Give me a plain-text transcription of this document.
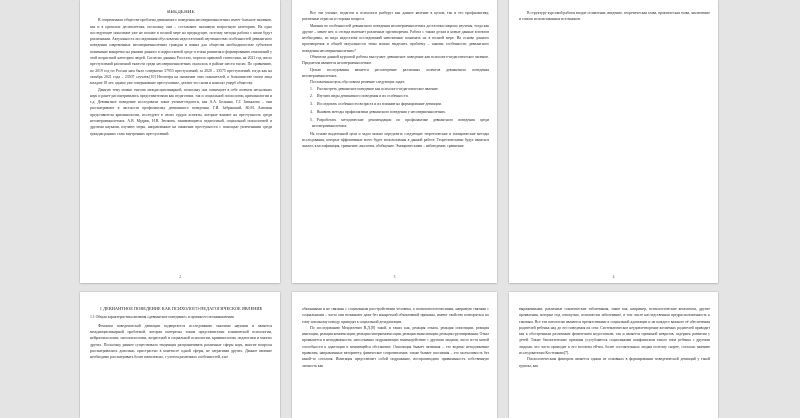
ВВЕДЕНИЕ

В современном обществе проблема девиантного поведения несовершеннолетних имеет большое значение, как и в прошлых десятилетиях, поскольку они – составляют значимую возрастную категорию. На одно последующее поколение уже не похоже в полной мере на предыдущее, поэтому методы работы с ними будут различными. Актуальность исследования обусловлена недостаточной изученностью особенностей девиантного поведения современных несовершеннолетних граждан и важна для общества необходимостью субъектов понимание конкретно на ранним данного в подростковой среде и этапы развития и формированию отношений у этой возрастной категории людей. Согласно данным Росстата, портала правовой статистики, на 2021 год число преступлений различной тяжести среди несовершеннолетних оказалось в районе шести тысяч. По сравнению, по 2019 год по России нам было совершено 37953 преступлений, за 2020 – 33575 преступлений, тогда как на октябрь 2021 года – 23507 случаев.[10] Несмотря на снижение этих показателей, к большинстве своем лица младше 18 лет, однако уже совершившие преступление, делают это снова и наносят ущерб обществу.

Данную тему можно считать междисциплинарной, поскольку она совмещает в себе аспекты нескольких наук и ранее рассматривались представителями как педагогики, так и социальной психологии, криминологии и т.д. Девиантное поведение исследовали такие ученые-педагоги, как А.А. Белкина, Г.Г. Завьялова – они рассматривают в частности профилактику девиантного поведения. Г.И. Забрянский, Ю.М. Антонян представители криминологии, исследуют в своих трудах аспекты, которые влияют на преступность среди несовершеннолетних. А.В. Мудрик, Н.В. Зюзкова, занимающиеся педагогикой, социальной психологией и другими науками, изучают меры, направленные на снижение преступности с помощью увлечениями среди граждан ранних стать внутренних преступлений.

2

Все эти ученые, педагоги и психологи разберут как данное явление в целом, так и его профилактику, различные отрасли и стороны вопроса.

Мнения по особенностей девиантного поведения несовершеннолетних достаточно широко изучены, тогда как другие – менее нет, и отсюда вытекает различные противоречия. Работа с таким делом и новые данные аспектов необходимы, из вида недостатка исследований невозможно понимать их в полной мере. На основе данного противоречия и общей актуальности темы можно выделить проблему – каковы особенности девиантного поведения несовершеннолетних?

Объектом данной курсовой работы выступает девиантное поведение как психолого-педагогическое явление. Предметом являются несовершеннолетние.

Целью исследования является рассмотрение различных аспектов девиантного поведения несовершеннолетних.

Поставленная цель обусловила решение следующих задач:

1. Рассмотреть девиантное поведение как психолого-педагогическое явление.
2. Изучить виды девиантного поведения и их особенности.
3. Исследовать особенности возраста и их влияние на формирование девиации.
4. Выявить методы профилактики девиантного поведения у несовершеннолетних.
5. Разработать методические рекомендации по профилактике девиантного поведения среди несовершеннолетних.

На основе выделенной цели и задач можно определить следующие теоретические и эмпирические методы исследования, которые эффективные всего будет использованы в данной работе. Теоретическими будут являться анализ, классификация, сравнение, аналогия, обобщение. Эмпирическими – наблюдение, сравнение.

3

В структуру курсовой работы входят оглавление, введение, теоретическая глава, практическая глава, заключение и список использованных источников.

4
1 ДЕВИАНТНОЕ ПОВЕДЕНИЕ КАК ПСИХОЛОГО-ПЕДАГОГИЧЕСКОЕ ЯВЛЕНИЕ

1.1 Общая характеристика явления «девиантное поведение» и причин его возникновения

Феномен поведенческой девиации подвергается исследованию многими науками и является междисциплинарной проблемой, которая интересна таким представителям клинической психологии, нейропсихологии, патопсихологии, возрастной и социальной психологии, криминологии, педагогики и многих других. Поскольку раннее существовала тенденция разграничивать различные сферы наук, многие вопросы рассматривались довольно, пристрастно в контексте одной сферы, не затрагивая других. Данное явление необходимо рассматривать более комплексно, с учетом различных особенностей, а не

обязанными и не связаны с социальным расстройствами человека, а психопатологическими, напрямую связаны с социальными – часто они возникают даже без конкретной объективной причины, имеют свойство повторяться по тому или иному поводу, приводят к социальной дезадаптации.

По исследованию Менделевич В.Д.[8] такой, в таких как, реакция отказа, реакция оппозиции, реакция имитации, реакция компенсации, реакция гиперкомпенсации, реакция эмансипации, реакция группирования. Отказ проявляется в неподвижности, неосознанно подражающих взаимодействие с другими людьми, часто из-за новой способности к адаптации к меняющейся обстановке. Оппозиция бывает активная – это водимо неподчинение правилам, направленные авторитету, физическое сопротивление, также бывает пассивная – это молчаливость без какой-то согласия. Имитация представляет собой подражание, воспроизводить привязанность собственную личность как

выраженными, различные соматические заболевания, такие как, например, психологические комплексы, другие проявления, которые под совокупно, психически заболевание, в том числе наследственная предрасположенность к таковым. Все эти патологии являются препятствиями к социальной адаптации и не каждого важного её обеспечения родителей ребенка над до его поведения их сект. Систематическое неудовлетворение желаемых родителей приводит как к обостренным различным физическим недостаткам, так и является причиной неврозов, задержек развития у детей. Также биологические причины усугубляются социальными конфликтами такого типа ребенка с другими людьми, что часто приводит к его воспиты ей-им, более состоятельных людям поэтому скорее, согласно мнению исследователям Костенкова[7].

Психологическим фактором является одним из основных в формировании поведенческой девиаций у такой группы, как
